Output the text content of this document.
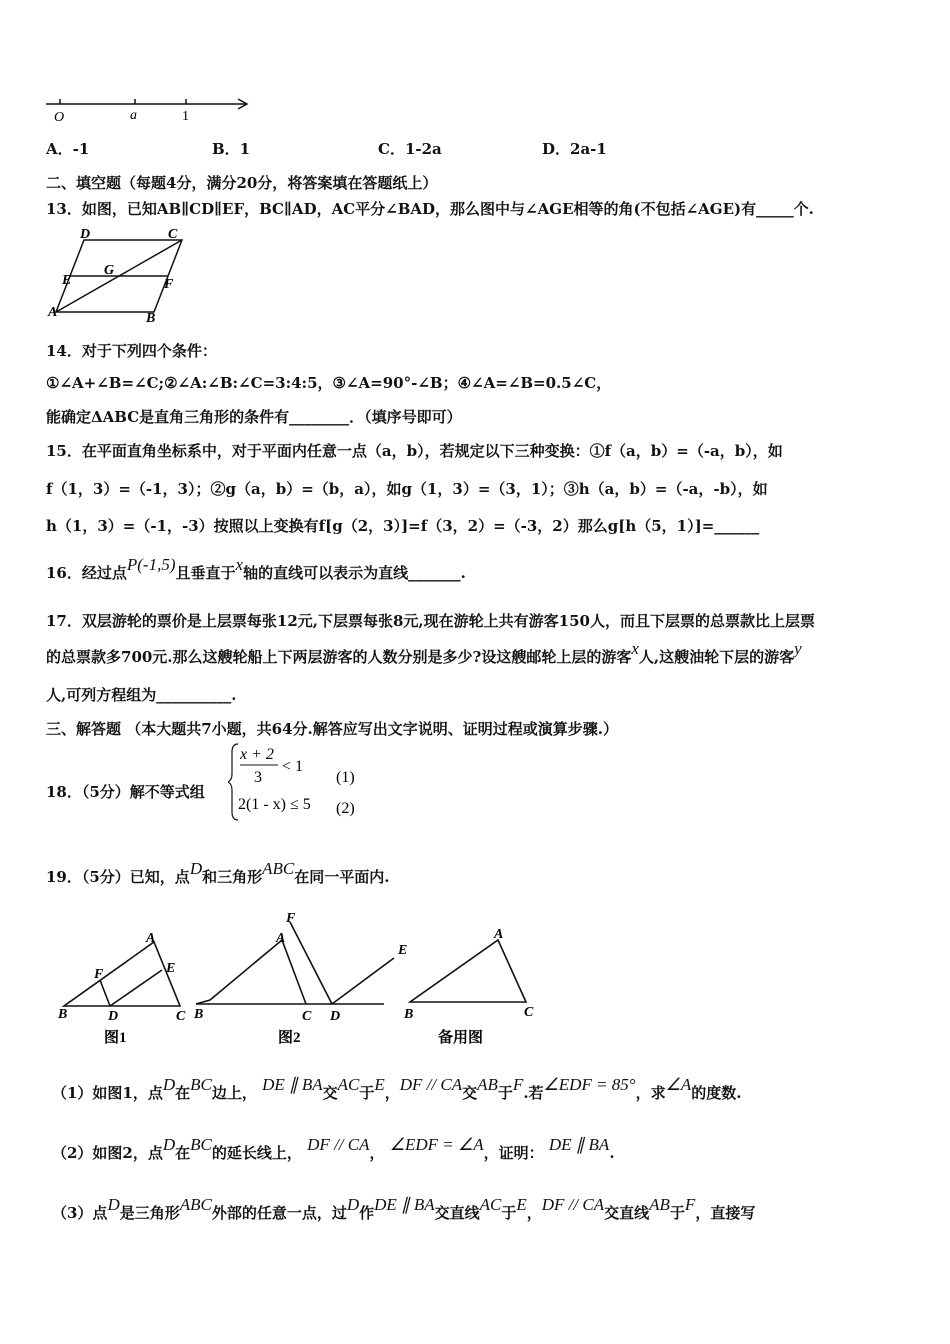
O	a	1
A．-1	B．1	C．1-2a	D．2a-1
二、填空题（每题4分，满分20分，将答案填在答题纸上）
13．如图，已知AB∥CD∥EF，BC∥AD，AC平分∠BAD，那么图中与∠AGE相等的角(不包括∠AGE)有_____个.
D	C
E
G
F
A	B
14．对于下列四个条件：
①∠A+∠B=∠C;②∠A:∠B:∠C=3:4:5，③∠A=90°-∠B；④∠A=∠B=0.5∠C，
能确定ΔABC是直角三角形的条件有________．（填序号即可）
15．在平面直角坐标系中，对于平面内任意一点（a，b），若规定以下三种变换：①f（a，b）=（-a，b），如
f（1，3）=（-1，3）；②g（a，b）=（b，a），如g（1，3）=（3，1）；③h（a，b）=（-a，-b），如
h（1，3）=（-1，-3）按照以上变换有f[g（2，3）]=f（3，2）=（-3，2）那么g[h（5，1）]=______
16．经过点P(-1,5)且垂直于x轴的直线可以表示为直线_______.
17．双层游轮的票价是上层票每张12元,下层票每张8元,现在游轮上共有游客150人，而且下层票的总票款比上层票
的总票款多700元.那么这艘轮船上下两层游客的人数分别是多少?设这艘邮轮上层的游客x人,这艘油轮下层的游客y
人,可列方程组为__________.
三、解答题 （本大题共7小题，共64分.解答应写出文字说明、证明过程或演算步骤.）
18．（5分）解不等式组
x + 2
3
< 1
2(1 - x) ≤ 5
(1)
(2)
19．（5分）已知，点D和三角形ABC在同一平面内.
A
F	E
B	D	C
图1
F
A
E
B	C D
图2
A
B	C
备用图
（1）如图1，点D在BC边上， DE ∥ BA交AC于E，DF // CA交AB于F.若∠EDF = 85°，求∠A的度数.
（2）如图2，点D在BC的延长线上， DF // CA， ∠EDF = ∠A，证明： DE ∥ BA.
（3）点D是三角形ABC外部的任意一点，过D作DE ∥ BA交直线AC于E，DF // CA交直线AB于F，直接写
